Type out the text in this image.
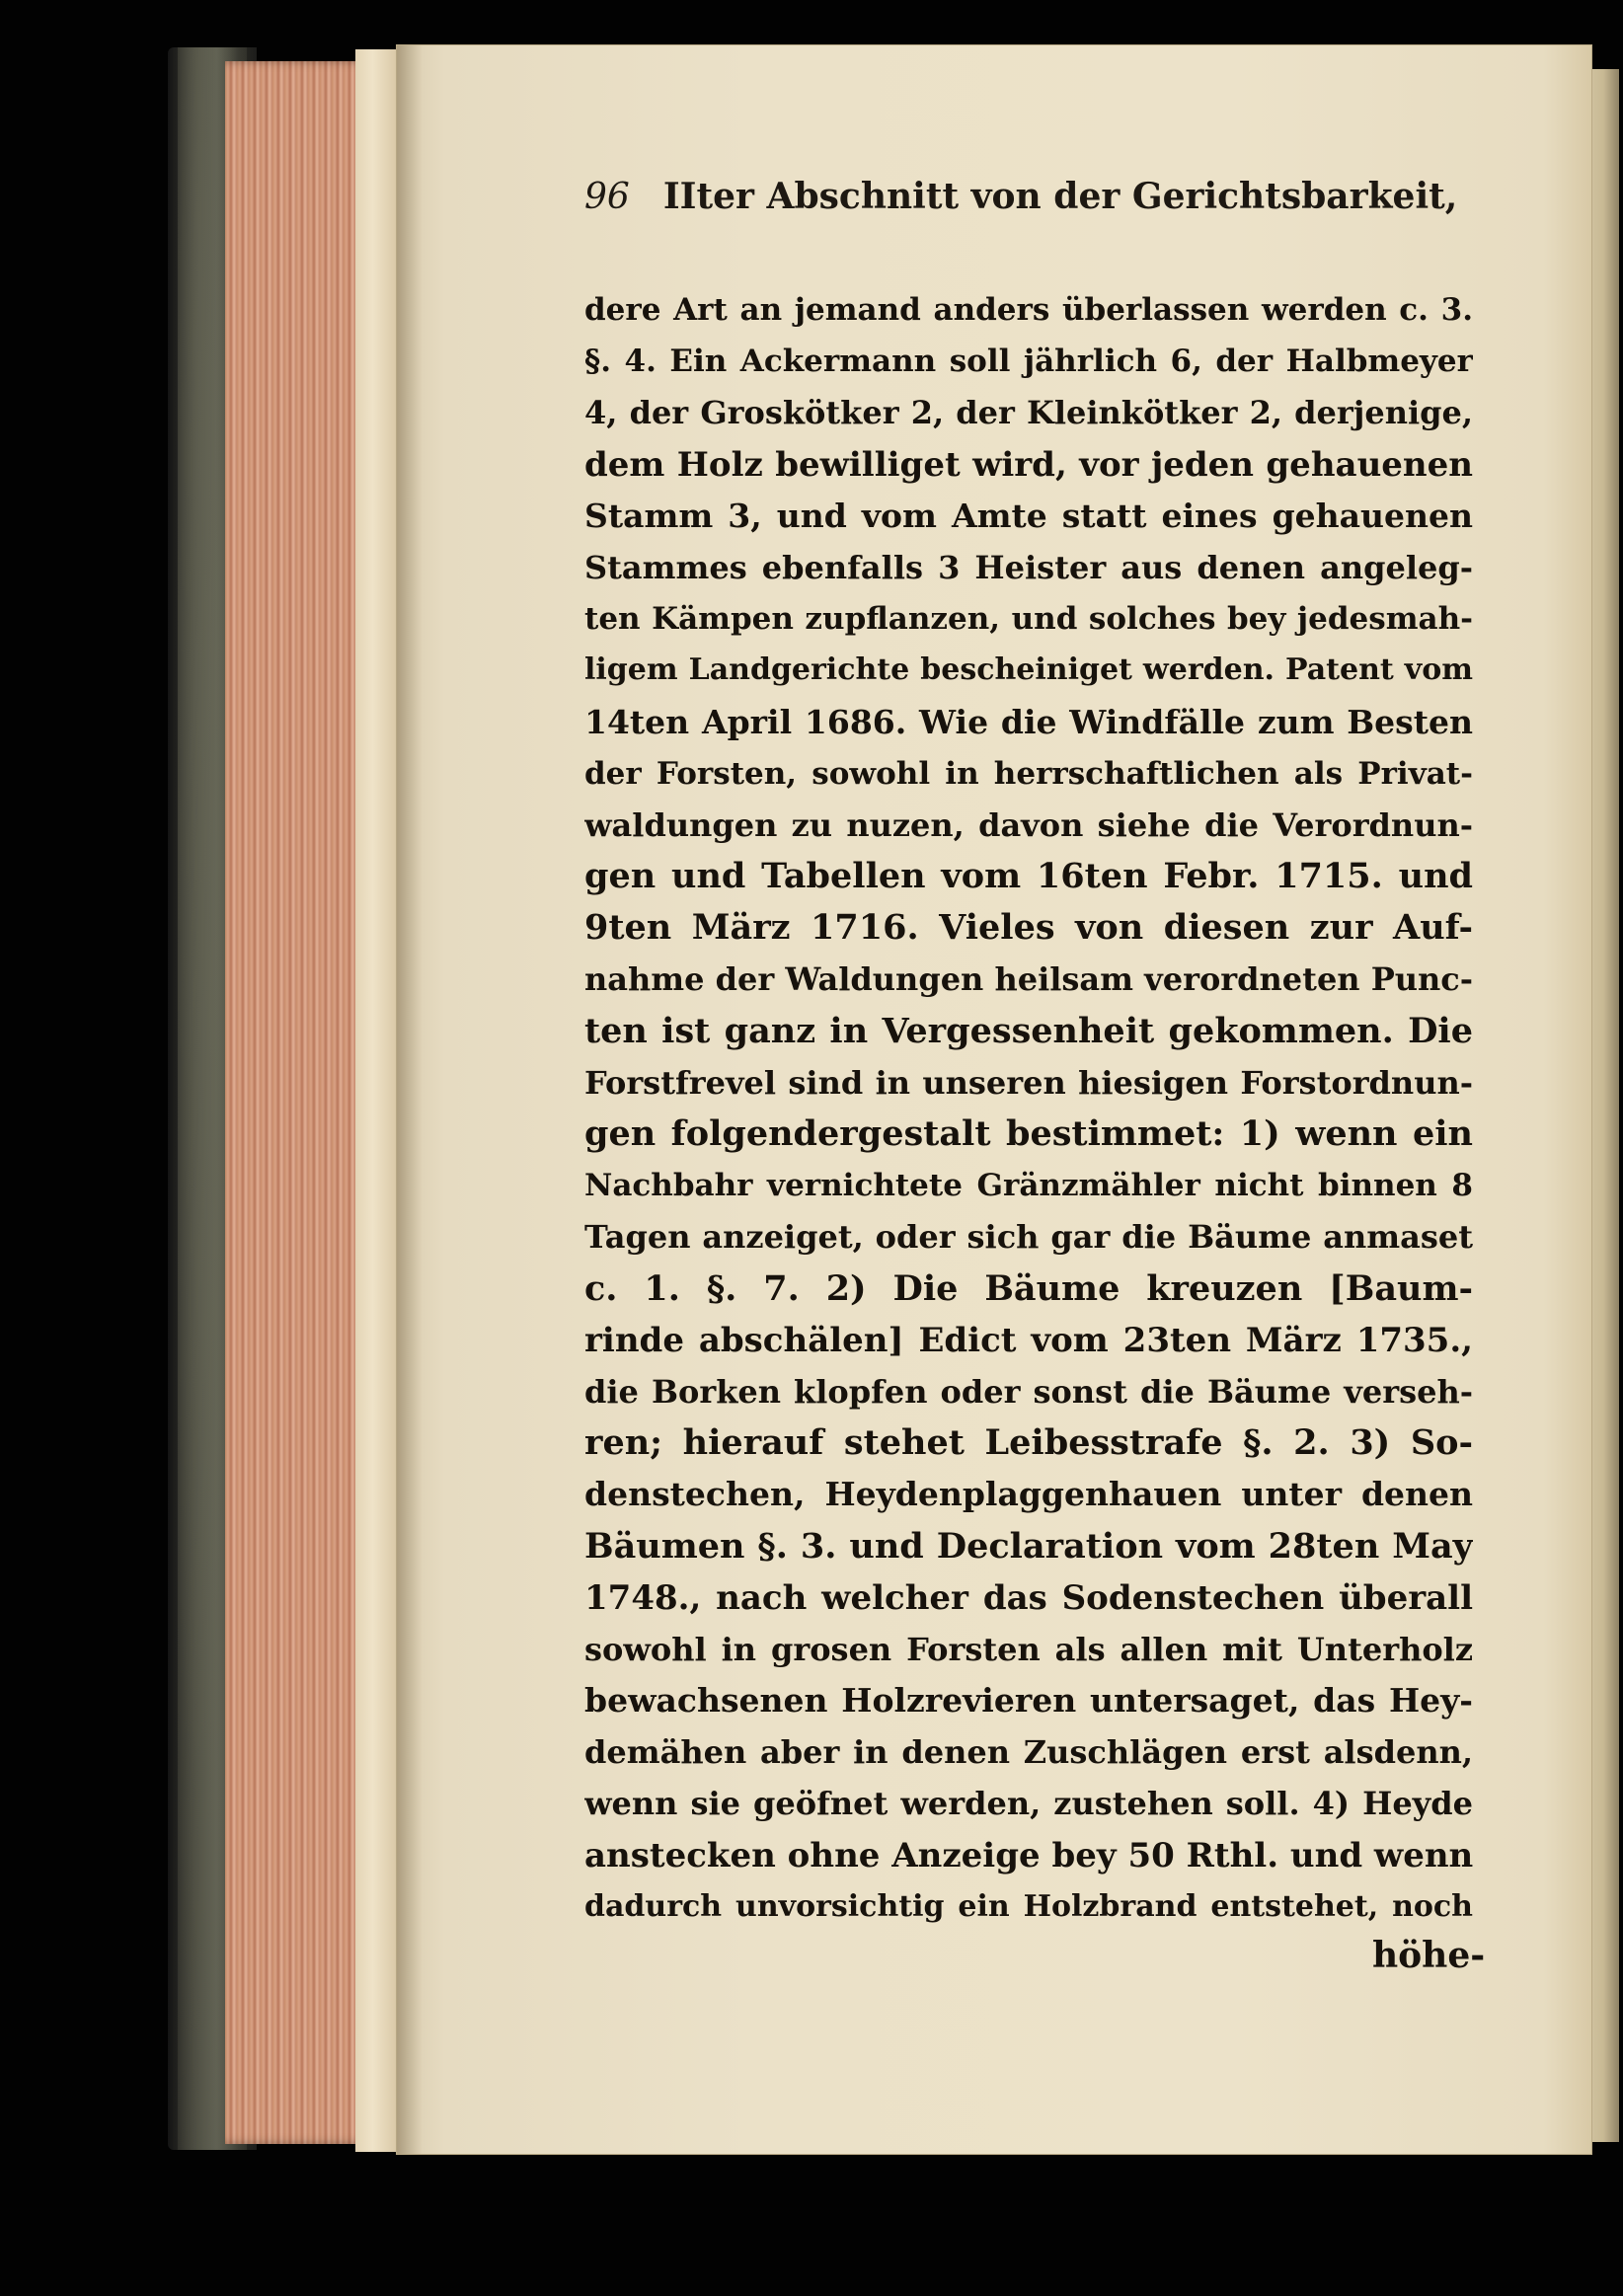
96 IIter Abschnitt von der Gerichtsbarkeit,
dere Art an jemand anders überlassen werden c. 3.
§. 4. Ein Ackermann soll jährlich 6, der Halbmeyer
4, der Groskötker 2, der Kleinkötker 2, derjenige,
dem Holz bewilliget wird, vor jeden gehauenen
Stamm 3, und vom Amte statt eines gehauenen
Stammes ebenfalls 3 Heister aus denen angeleg-
ten Kämpen zupflanzen, und solches bey jedesmah-
ligem Landgerichte bescheiniget werden. Patent vom
14ten April 1686. Wie die Windfälle zum Besten
der Forsten, sowohl in herrschaftlichen als Privat-
waldungen zu nuzen, davon siehe die Verordnun-
gen und Tabellen vom 16ten Febr. 1715. und
9ten März 1716. Vieles von diesen zur Auf-
nahme der Waldungen heilsam verordneten Punc-
ten ist ganz in Vergessenheit gekommen. Die
Forstfrevel sind in unseren hiesigen Forstordnun-
gen folgendergestalt bestimmet: 1) wenn ein
Nachbahr vernichtete Gränzmähler nicht binnen 8
Tagen anzeiget, oder sich gar die Bäume anmaset
c. 1. §. 7. 2) Die Bäume kreuzen [Baum-
rinde abschälen] Edict vom 23ten März 1735.,
die Borken klopfen oder sonst die Bäume verseh-
ren; hierauf stehet Leibesstrafe §. 2. 3) So-
denstechen, Heydenplaggenhauen unter denen
Bäumen §. 3. und Declaration vom 28ten May
1748., nach welcher das Sodenstechen überall
sowohl in grosen Forsten als allen mit Unterholz
bewachsenen Holzrevieren untersaget, das Hey-
demähen aber in denen Zuschlägen erst alsdenn,
wenn sie geöfnet werden, zustehen soll. 4) Heyde
anstecken ohne Anzeige bey 50 Rthl. und wenn
dadurch unvorsichtig ein Holzbrand entstehet, noch
höhe-
